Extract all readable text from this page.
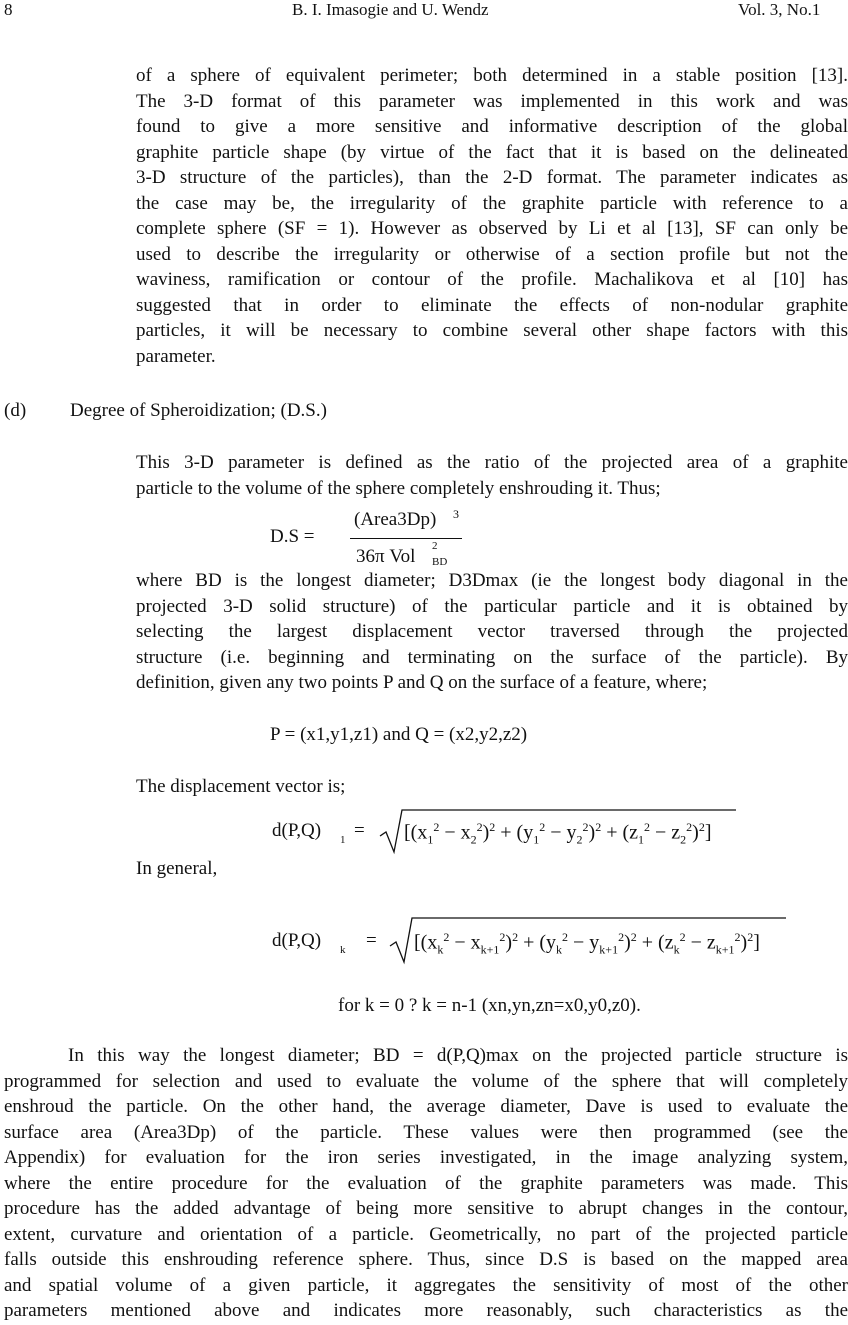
8	B. I. Imasogie and U. Wendz	Vol. 3, No.1

of a sphere of equivalent perimeter; both determined in a stable position [13].

The 3-D format of this parameter was implemented in this work and was

found to give a more sensitive and informative description of the global

graphite particle shape (by virtue of the fact that it is based on the delineated

3-D structure of the particles), than the 2-D format. The parameter indicates as

the case may be, the irregularity of the graphite particle with reference to a

complete sphere (SF = 1). However as observed by Li et al [13], SF can only be

used to describe the irregularity or otherwise of a section profile but not the

waviness, ramification or contour of the profile. Machalikova et al [10] has

suggested that in order to eliminate the effects of non-nodular graphite

particles, it will be necessary to combine several other shape factors with this

parameter.

(d) Degree of Spheroidization; (D.S.)

This 3-D parameter is defined as the ratio of the projected area of a graphite

particle to the volume of the sphere completely enshrouding it. Thus;

D.S =
(Area3Dp) 3
36π Vol 2
BD

where BD is the longest diameter; D3Dmax (ie the longest body diagonal in the

projected 3-D solid structure) of the particular particle and it is obtained by

selecting the largest displacement vector traversed through the projected

structure (i.e. beginning and terminating on the surface of the particle). By

definition, given any two points P and Q on the surface of a feature, where;

P = (x1,y1,z1) and Q = (x2,y2,z2)
The displacement vector is;
d(P,Q) $1 = [(x_1^2 - x_2^2)^2 + (y_1^2 - y_2^2)^2 + (z_1^2 - z_2^2)^2]$
In general,
d(P,Q) $k = [(x_k^2 - x_{k+1}^2)^2 + (y_k^2 - y_{k+1}^2)^2 + (z_k^2 - z_{k+1}^2)^2]$
for k = 0 ? k = n-1 (xn,yn,zn=x0,y0,z0).

In this way the longest diameter; BD = d(P,Q)max on the projected particle structure is

programmed for selection and used to evaluate the volume of the sphere that will completely

enshroud the particle. On the other hand, the average diameter, Dave is used to evaluate the

surface area (Area3Dp) of the particle. These values were then programmed (see the

Appendix) for evaluation for the iron series investigated, in the image analyzing system,

where the entire procedure for the evaluation of the graphite parameters was made. This

procedure has the added advantage of being more sensitive to abrupt changes in the contour,

extent, curvature and orientation of a particle. Geometrically, no part of the projected particle

falls outside this enshrouding reference sphere. Thus, since D.S is based on the mapped area

and spatial volume of a given particle, it aggregates the sensitivity of most of the other

parameters mentioned above and indicates more reasonably, such characteristics as the
